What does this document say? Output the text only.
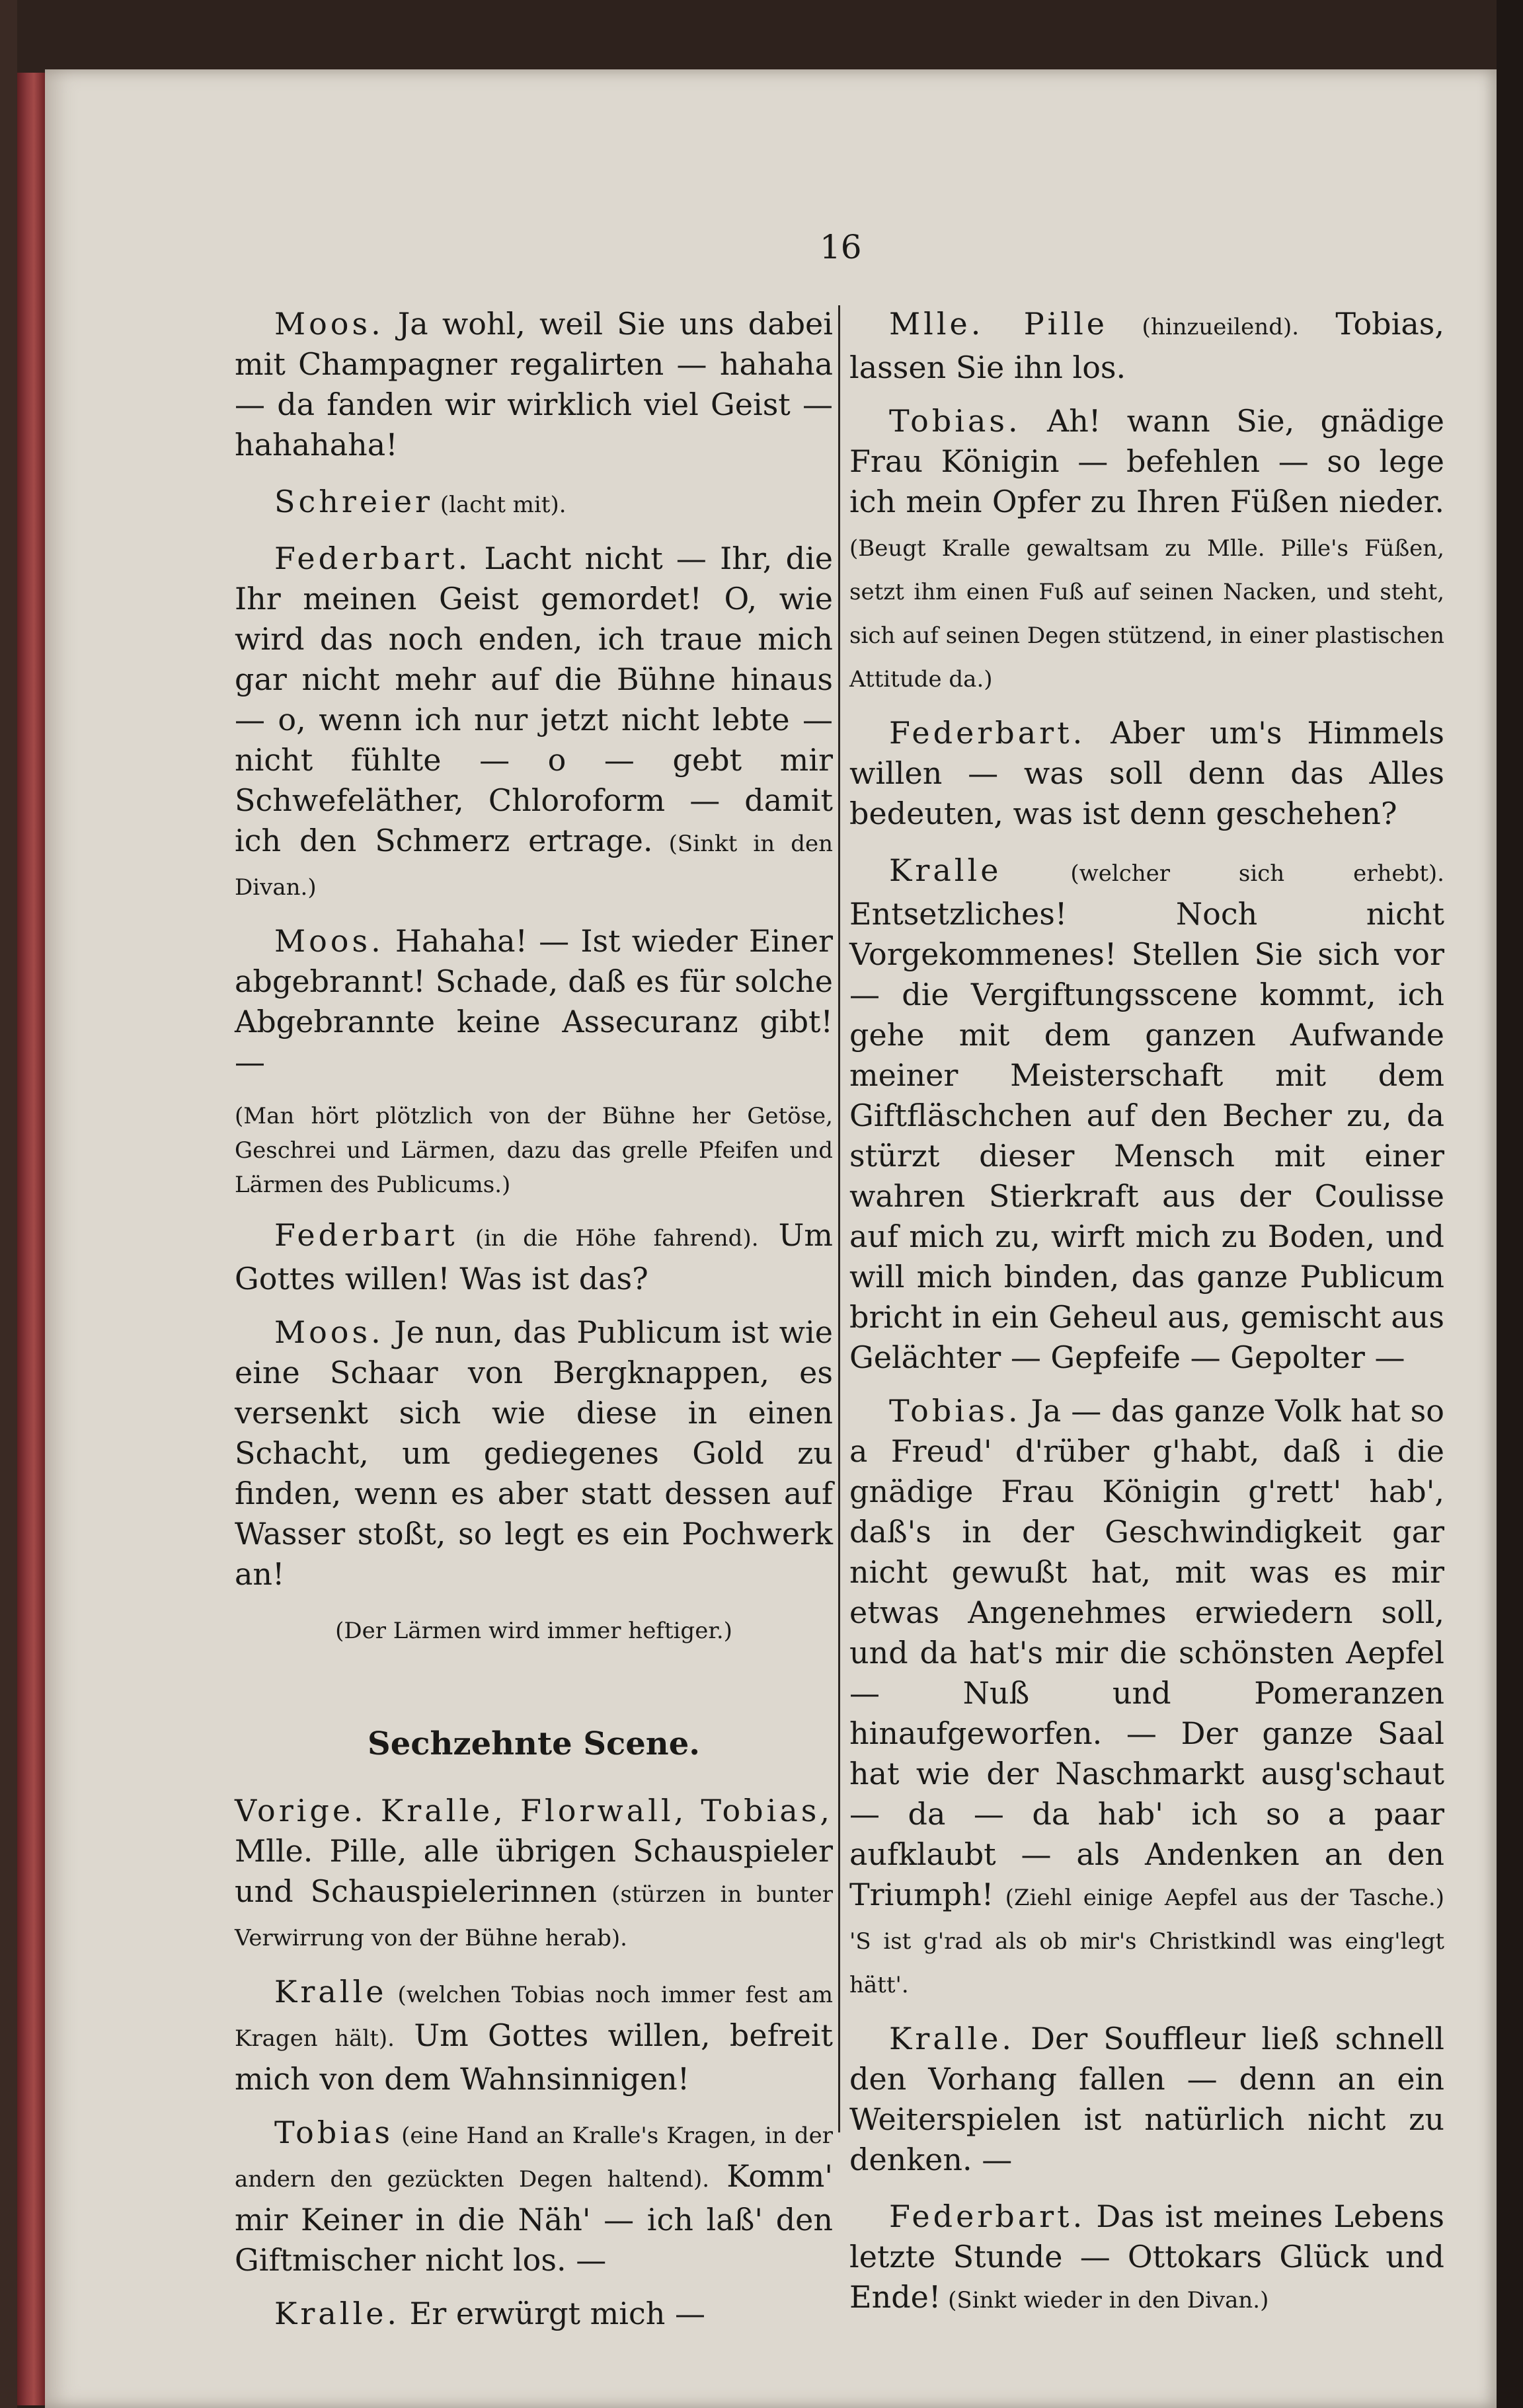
16

Moos. Ja wohl, weil Sie uns dabei mit Champagner regalirten — hahaha — da fanden wir wirklich viel Geist — hahahaha!

Schreier (lacht mit).

Federbart. Lacht nicht — Ihr, die Ihr meinen Geist gemordet! O, wie wird das noch enden, ich traue mich gar nicht mehr auf die Bühne hinaus — o, wenn ich nur jetzt nicht lebte — nicht fühlte — o — gebt mir Schwefeläther, Chloroform — damit ich den Schmerz ertrage. (Sinkt in den Divan.)

Moos. Hahaha! — Ist wieder Einer abgebrannt! Schade, daß es für solche Abgebrannte keine Assecuranz gibt! —

(Man hört plötzlich von der Bühne her Getöse, Geschrei und Lärmen, dazu das grelle Pfeifen und Lärmen des Publicums.)

Federbart (in die Höhe fahrend). Um Gottes willen! Was ist das?

Moos. Je nun, das Publicum ist wie eine Schaar von Bergknappen, es versenkt sich wie diese in einen Schacht, um gediegenes Gold zu finden, wenn es aber statt dessen auf Wasser stoßt, so legt es ein Pochwerk an!

(Der Lärmen wird immer heftiger.)

Sechzehnte Scene.

Vorige. Kralle, Florwall, Tobias, Mlle. Pille, alle übrigen Schauspieler und Schauspielerinnen (stürzen in bunter Verwirrung von der Bühne herab).

Kralle (welchen Tobias noch immer fest am Kragen hält). Um Gottes willen, befreit mich von dem Wahnsinnigen!

Tobias (eine Hand an Kralle's Kragen, in der andern den gezückten Degen haltend). Komm' mir Keiner in die Näh' — ich laß' den Giftmischer nicht los. —

Kralle. Er erwürgt mich —

Mlle. Pille (hinzueilend). Tobias, lassen Sie ihn los.

Tobias. Ah! wann Sie, gnädige Frau Königin — befehlen — so lege ich mein Opfer zu Ihren Füßen nieder. (Beugt Kralle gewaltsam zu Mlle. Pille's Füßen, setzt ihm einen Fuß auf seinen Nacken, und steht, sich auf seinen Degen stützend, in einer plastischen Attitude da.)

Federbart. Aber um's Himmels willen — was soll denn das Alles bedeuten, was ist denn geschehen?

Kralle (welcher sich erhebt). Entsetzliches! Noch nicht Vorgekommenes! Stellen Sie sich vor — die Vergiftungsscene kommt, ich gehe mit dem ganzen Aufwande meiner Meisterschaft mit dem Giftfläschchen auf den Becher zu, da stürzt dieser Mensch mit einer wahren Stierkraft aus der Coulisse auf mich zu, wirft mich zu Boden, und will mich binden, das ganze Publicum bricht in ein Geheul aus, gemischt aus Gelächter — Gepfeife — Gepolter —

Tobias. Ja — das ganze Volk hat so a Freud' d'rüber g'habt, daß i die gnädige Frau Königin g'rett' hab', daß's in der Geschwindigkeit gar nicht gewußt hat, mit was es mir etwas Angenehmes erwiedern soll, und da hat's mir die schönsten Aepfel — Nuß und Pomeranzen hinaufgeworfen. — Der ganze Saal hat wie der Naschmarkt ausg'schaut — da — da hab' ich so a paar aufklaubt — als Andenken an den Triumph! (Ziehl einige Aepfel aus der Tasche.) 'S ist g'rad als ob mir's Christkindl was eing'legt hätt'.

Kralle. Der Souffleur ließ schnell den Vorhang fallen — denn an ein Weiterspielen ist natürlich nicht zu denken. —

Federbart. Das ist meines Lebens letzte Stunde — Ottokars Glück und Ende! (Sinkt wieder in den Divan.)
